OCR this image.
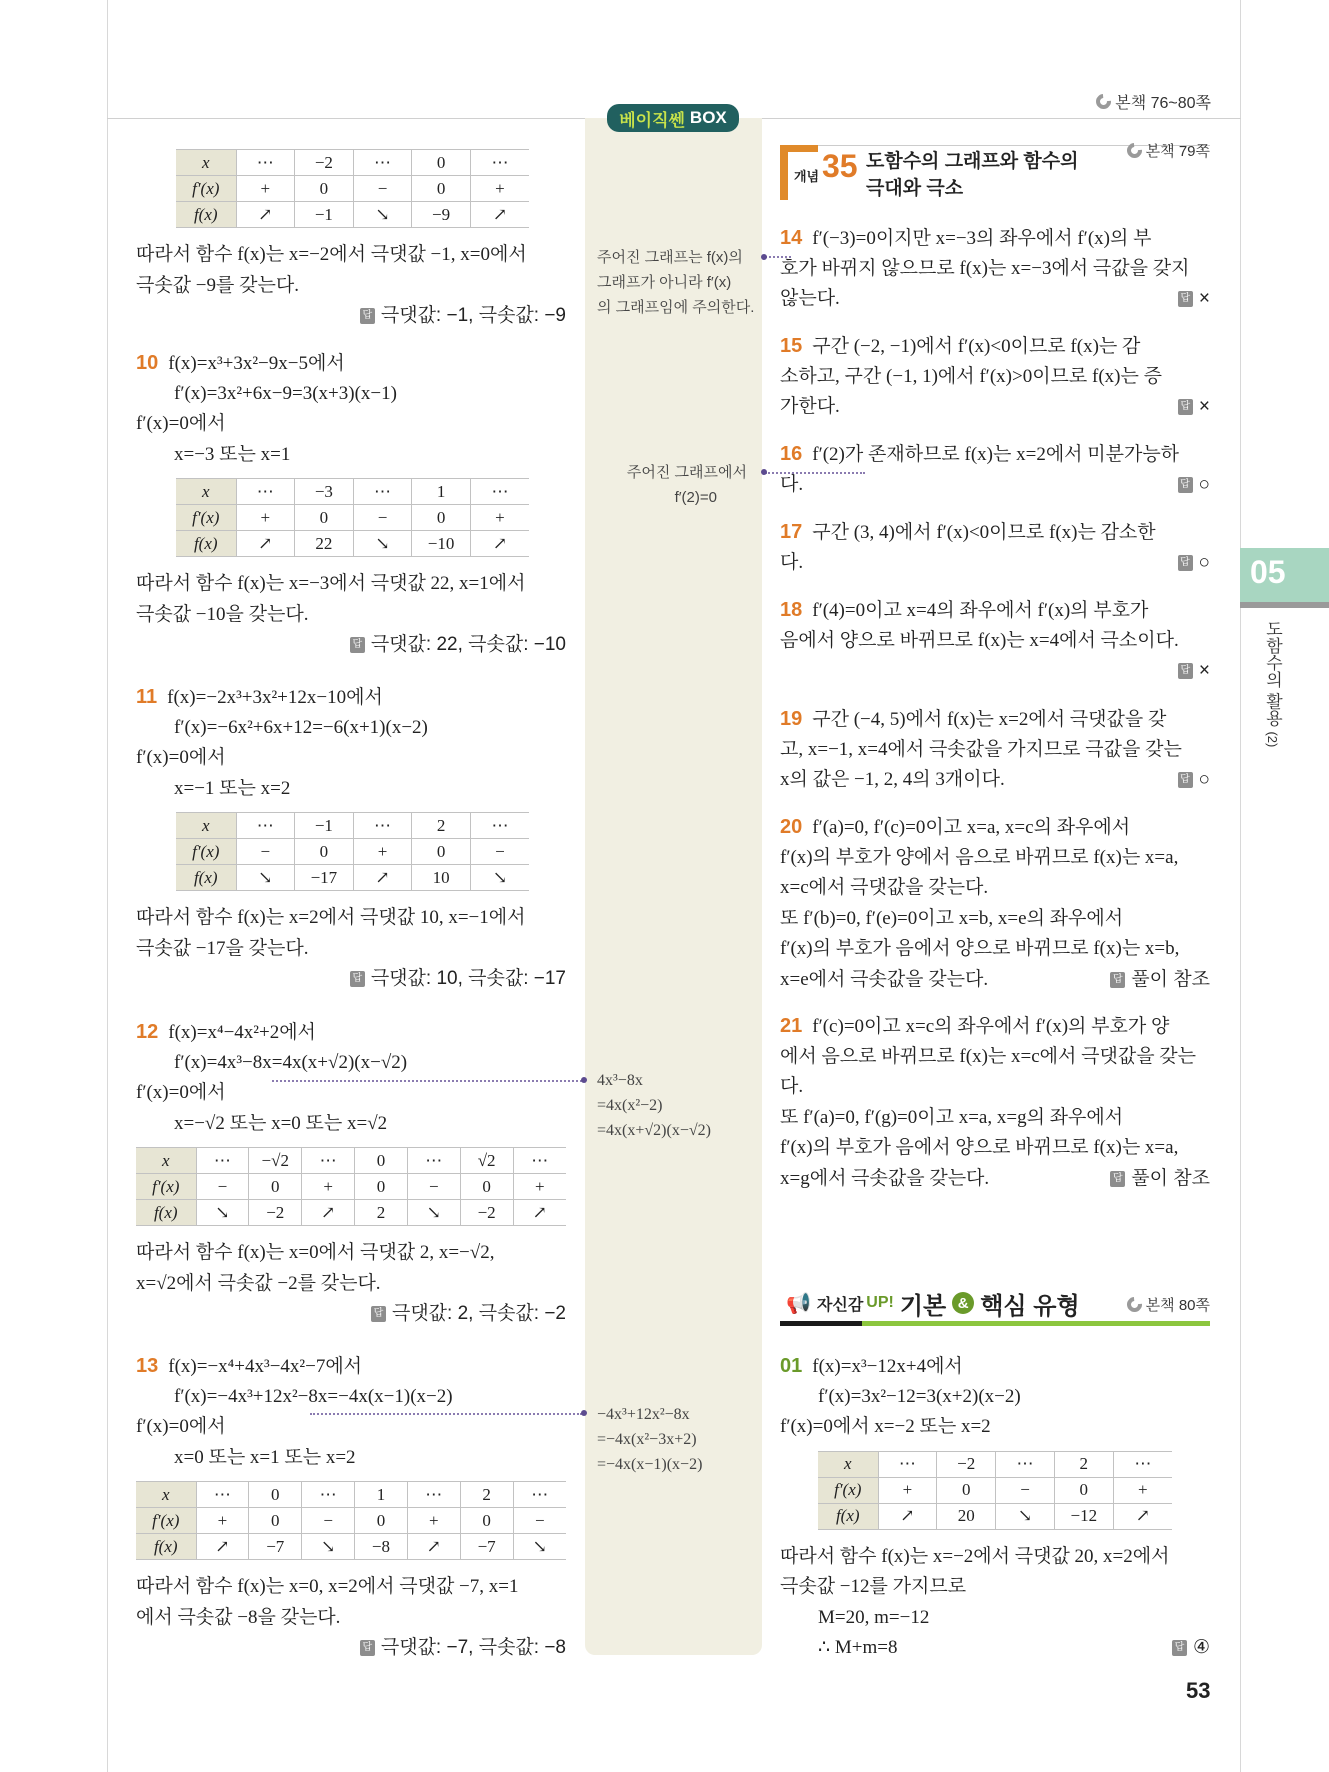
본책 76~80쪽
베이직쎈 BOX
개념 35 도함수의 그래프와 함수의
극대와 극소
본책 79쪽
📢 자신감 UP! 기본 & 핵심 유형	본책 80쪽
05
도함수의 활용 (2)
53
x	⋯	−2	⋯	0	⋯
f′(x)	+	0	−	0	+
f(x)	↗	−1	↘	−9	↗
따라서 함수 f(x)는 x=−2에서 극댓값 −1, x=0에서
극솟값 −9를 갖는다.
답 극댓값: −1, 극솟값: −9
10 f(x)=x³+3x²−9x−5에서
f′(x)=3x²+6x−9=3(x+3)(x−1)
f′(x)=0에서
x=−3 또는 x=1
x	⋯	−3	⋯	1	⋯
f′(x)	+	0	−	0	+
f(x)	↗	22	↘	−10	↗
따라서 함수 f(x)는 x=−3에서 극댓값 22, x=1에서
극솟값 −10을 갖는다.
답 극댓값: 22, 극솟값: −10
11 f(x)=−2x³+3x²+12x−10에서
f′(x)=−6x²+6x+12=−6(x+1)(x−2)
f′(x)=0에서
x=−1 또는 x=2
x	⋯	−1	⋯	2	⋯
f′(x)	−	0	+	0	−
f(x)	↘	−17	↗	10	↘
따라서 함수 f(x)는 x=2에서 극댓값 10, x=−1에서
극솟값 −17을 갖는다.
답 극댓값: 10, 극솟값: −17
12 f(x)=x⁴−4x²+2에서
f′(x)=4x³−8x=4x(x+√2)(x−√2)
f′(x)=0에서
x=−√2 또는 x=0 또는 x=√2
x	⋯	−√2	⋯	0	⋯	√2	⋯
f′(x)	−	0	+	0	−	0	+
f(x)	↘	−2	↗	2	↘	−2	↗
따라서 함수 f(x)는 x=0에서 극댓값 2, x=−√2,
x=√2에서 극솟값 −2를 갖는다.
답 극댓값: 2, 극솟값: −2
13 f(x)=−x⁴+4x³−4x²−7에서
f′(x)=−4x³+12x²−8x=−4x(x−1)(x−2)
f′(x)=0에서
x=0 또는 x=1 또는 x=2
x	⋯	0	⋯	1	⋯	2	⋯
f′(x)	+	0	−	0	+	0	−
f(x)	↗	−7	↘	−8	↗	−7	↘
따라서 함수 f(x)는 x=0, x=2에서 극댓값 −7, x=1
에서 극솟값 −8을 갖는다.
답 극댓값: −7, 극솟값: −8
14 f′(−3)=0이지만 x=−3의 좌우에서 f′(x)의 부
호가 바뀌지 않으므로 f(x)는 x=−3에서 극값을 갖지
않는다.	답 ×
15 구간 (−2, −1)에서 f′(x)<0이므로 f(x)는 감
소하고, 구간 (−1, 1)에서 f′(x)>0이므로 f(x)는 증
가한다.	답 ×
16 f′(2)가 존재하므로 f(x)는 x=2에서 미분가능하
다.	답 ○
17 구간 (3, 4)에서 f′(x)<0이므로 f(x)는 감소한
다.	답 ○
18 f′(4)=0이고 x=4의 좌우에서 f′(x)의 부호가
음에서 양으로 바뀌므로 f(x)는 x=4에서 극소이다.
답 ×
19 구간 (−4, 5)에서 f(x)는 x=2에서 극댓값을 갖
고, x=−1, x=4에서 극솟값을 가지므로 극값을 갖는
x의 값은 −1, 2, 4의 3개이다.	답 ○
20 f′(a)=0, f′(c)=0이고 x=a, x=c의 좌우에서
f′(x)의 부호가 양에서 음으로 바뀌므로 f(x)는 x=a,
x=c에서 극댓값을 갖는다.
또 f′(b)=0, f′(e)=0이고 x=b, x=e의 좌우에서
f′(x)의 부호가 음에서 양으로 바뀌므로 f(x)는 x=b,
x=e에서 극솟값을 갖는다.	답 풀이 참조
21 f′(c)=0이고 x=c의 좌우에서 f′(x)의 부호가 양
에서 음으로 바뀌므로 f(x)는 x=c에서 극댓값을 갖는
다.
또 f′(a)=0, f′(g)=0이고 x=a, x=g의 좌우에서
f′(x)의 부호가 음에서 양으로 바뀌므로 f(x)는 x=a,
x=g에서 극솟값을 갖는다.	답 풀이 참조
01 f(x)=x³−12x+4에서
f′(x)=3x²−12=3(x+2)(x−2)
f′(x)=0에서 x=−2 또는 x=2
x	⋯	−2	⋯	2	⋯
f′(x)	+	0	−	0	+
f(x)	↗	20	↘	−12	↗
따라서 함수 f(x)는 x=−2에서 극댓값 20, x=2에서
극솟값 −12를 가지므로
M=20, m=−12
∴ M+m=8	답 ④
주어진 그래프는 f(x)의
그래프가 아니라 f′(x)
의 그래프임에 주의한다.
주어진 그래프에서
f′(2)=0
4x³−8x
=4x(x²−2)
=4x(x+√2)(x−√2)
−4x³+12x²−8x
=−4x(x²−3x+2)
=−4x(x−1)(x−2)
